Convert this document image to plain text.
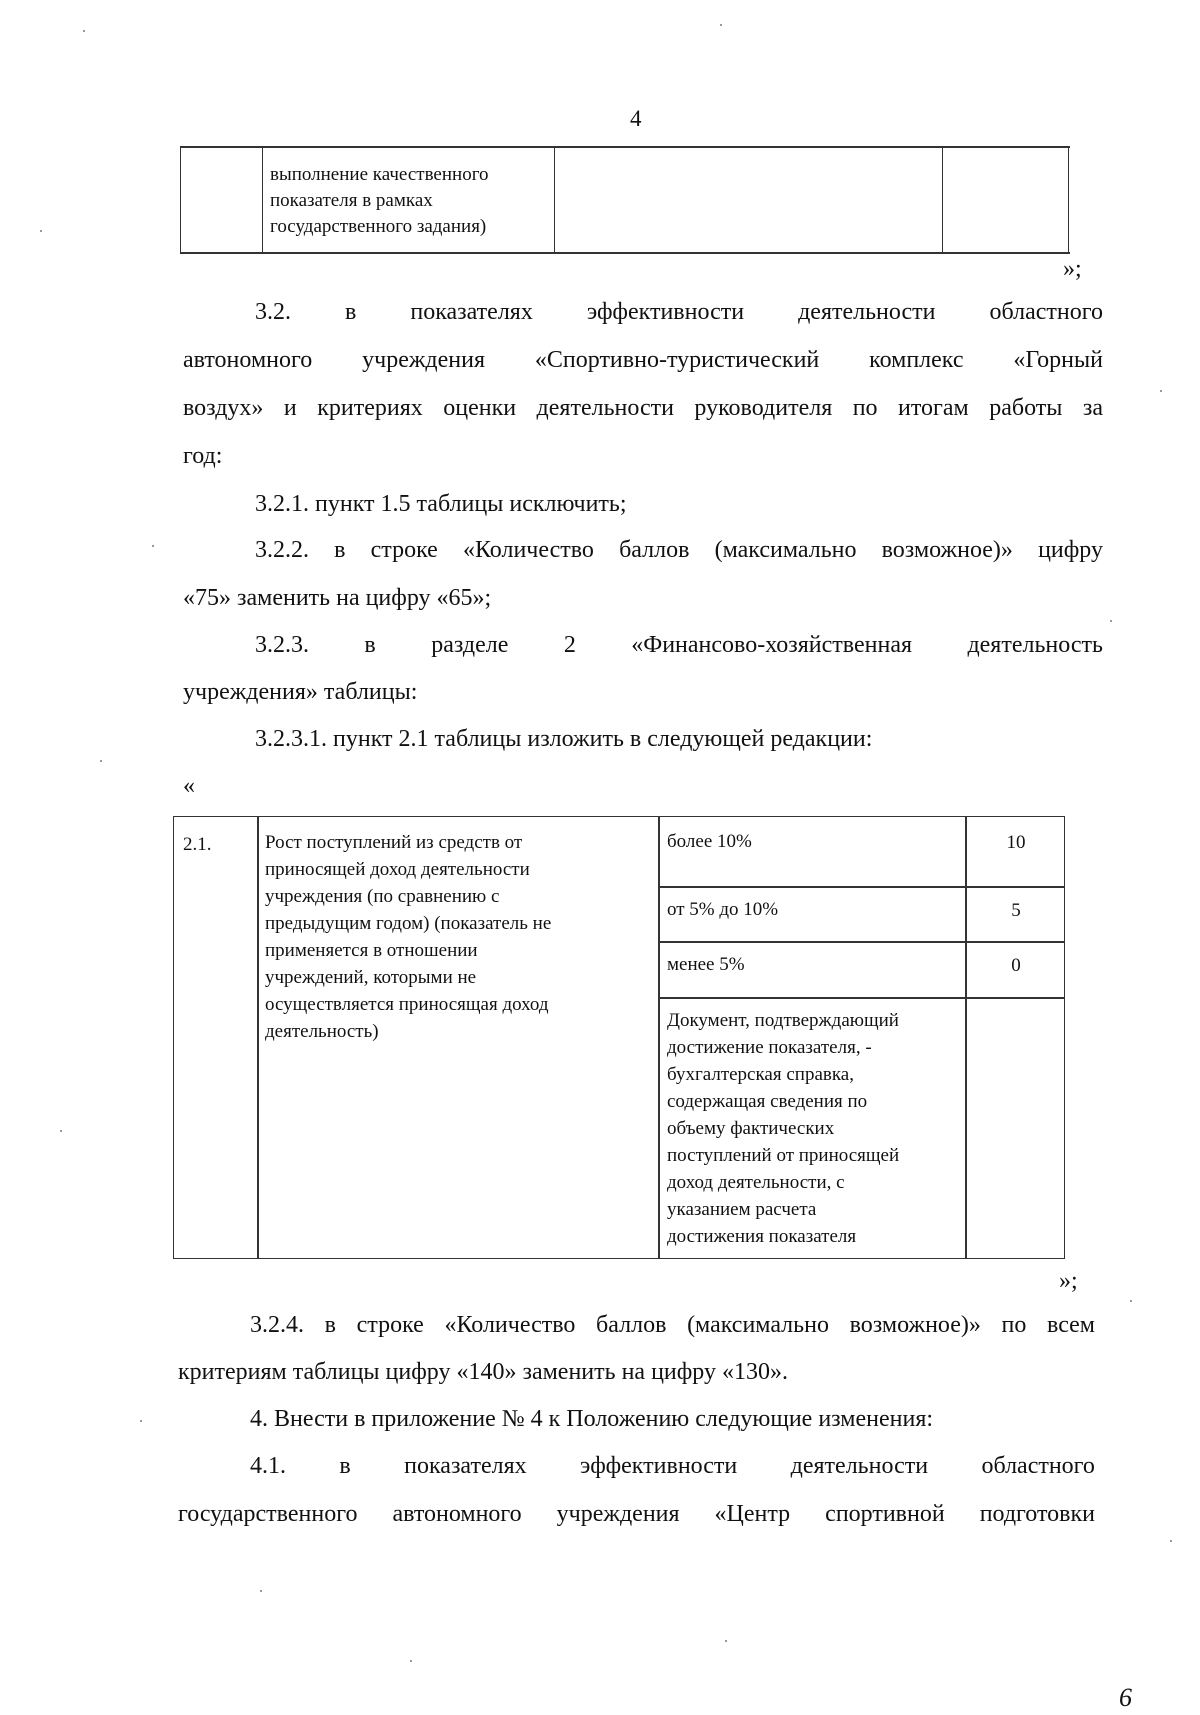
4
выполнение качественного
показателя в рамках
государственного задания)
»;
3.2. в показателях эффективности деятельности областного
автономного учреждения «Спортивно-туристический комплекс «Горный
воздух» и критериях оценки деятельности руководителя по итогам работы за
год:
3.2.1. пункт 1.5 таблицы исключить;
3.2.2. в строке «Количество баллов (максимально возможное)» цифру
«75» заменить на цифру «65»;
3.2.3. в разделе 2 «Финансово-хозяйственная деятельность
учреждения» таблицы:
3.2.3.1. пункт 2.1 таблицы изложить в следующей редакции:
«
2.1.	Рост поступлений из средств от
приносящей доход деятельности
учреждения (по сравнению с
предыдущим годом) (показатель не
применяется в отношении
учреждений, которыми не
осуществляется приносящая доход
деятельность)
более 10%	10
от 5% до 10%	5
менее 5%	0
Документ, подтверждающий
достижение показателя, -
бухгалтерская справка,
содержащая сведения по
объему фактических
поступлений от приносящей
доход деятельности, с
указанием расчета
достижения показателя
»;
3.2.4. в строке «Количество баллов (максимально возможное)» по всем
критериям таблицы цифру «140» заменить на цифру «130».
4. Внести в приложение № 4 к Положению следующие изменения:
4.1. в показателях эффективности деятельности областного
государственного автономного учреждения «Центр спортивной подготовки
6
